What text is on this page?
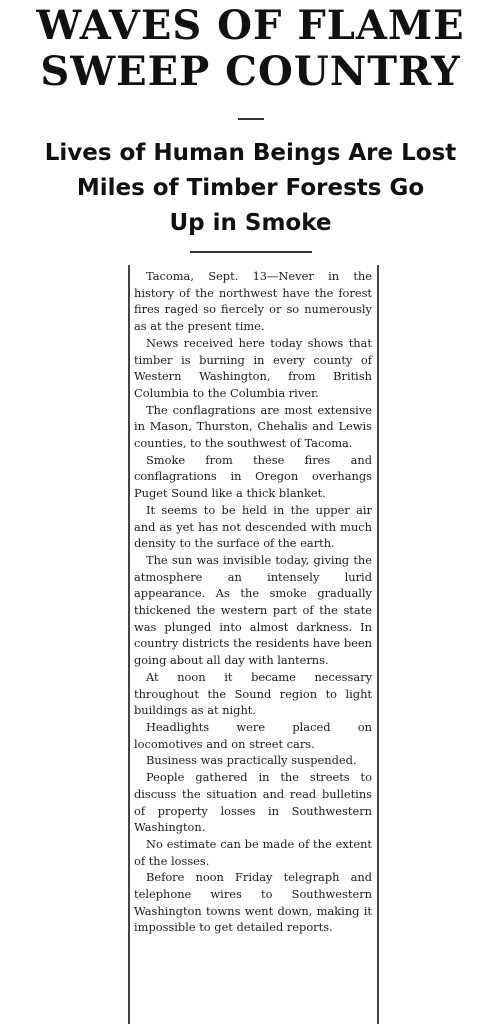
WAVES OF FLAME
SWEEP COUNTRY
Lives of Human Beings Are Lost
Miles of Timber Forests Go
Up in Smoke

Tacoma, Sept. 13—Never in the history of the northwest have the forest fires raged so fiercely or so numerously as at the present time.

News received here today shows that timber is burning in every county of Western Washington, from British Columbia to the Columbia river.

The conflagrations are most extensive in Mason, Thurston, Chehalis and Lewis counties, to the southwest of Tacoma.

Smoke from these fires and conflagrations in Oregon overhangs Puget Sound like a thick blanket.

It seems to be held in the upper air and as yet has not descended with much density to the surface of the earth.

The sun was invisible today, giving the atmosphere an intensely lurid appearance. As the smoke gradually thickened the western part of the state was plunged into almost darkness. In country districts the residents have been going about all day with lanterns.

At noon it became necessary throughout the Sound region to light buildings as at night.

Headlights were placed on locomotives and on street cars.

Business was practically suspended.

People gathered in the streets to discuss the situation and read bulletins of property losses in Southwestern Washington.

No estimate can be made of the extent of the losses.

Before noon Friday telegraph and telephone wires to Southwestern Washington towns went down, making it impossible to get detailed reports.
